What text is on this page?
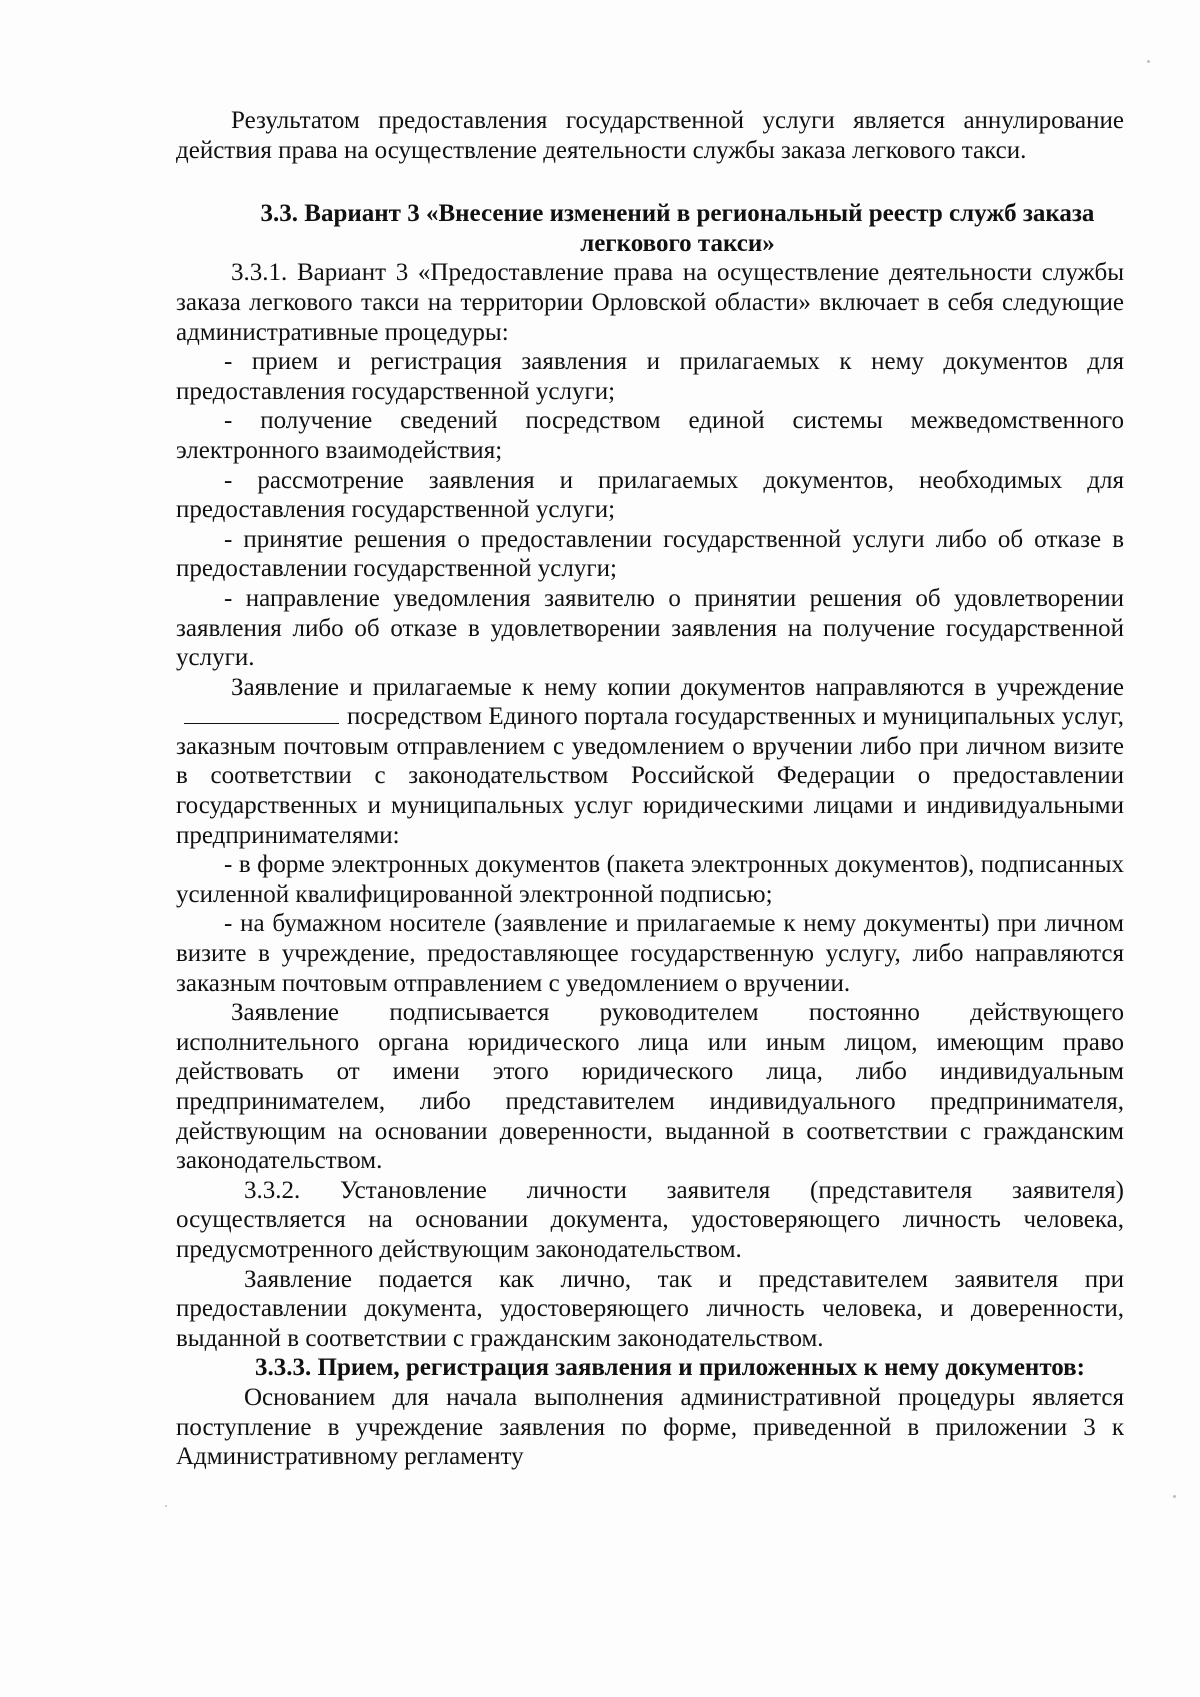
Результатом предоставления государственной услуги является аннулирование действия права на осуществление деятельности службы заказа легкового такси.

3.3. Вариант 3 «Внесение изменений в региональный реестр служб заказа легкового такси»

3.3.1. Вариант 3 «Предоставление права на осуществление деятельности службы заказа легкового такси на территории Орловской области» включает в себя следующие административные процедуры:

- прием и регистрация заявления и прилагаемых к нему документов для предоставления государственной услуги;

- получение сведений посредством единой системы межведомственного электронного взаимодействия;

- рассмотрение заявления и прилагаемых документов, необходимых для предоставления государственной услуги;

- принятие решения о предоставлении государственной услуги либо об отказе в предоставлении государственной услуги;

- направление уведомления заявителю о принятии решения об удовлетворении заявления либо об отказе в удовлетворении заявления на получение государственной услуги.

Заявление и прилагаемые к нему копии документов направляются в учреждениепосредством Единого портала государственных и муниципальных услуг, заказным почтовым отправлением с уведомлением о вручении либо при личном визите в соответствии с законодательством Российской Федерации о предоставлении государственных и муниципальных услуг юридическими лицами и индивидуальными предпринимателями:

- в форме электронных документов (пакета электронных документов), подписанных усиленной квалифицированной электронной подписью;

- на бумажном носителе (заявление и прилагаемые к нему документы) при личном визите в учреждение, предоставляющее государственную услугу, либо направляются заказным почтовым отправлением с уведомлением о вручении.

Заявление подписывается руководителем постоянно действующего исполнительного органа юридического лица или иным лицом, имеющим право действовать от имени этого юридического лица, либо индивидуальным предпринимателем, либо представителем индивидуального предпринимателя, действующим на основании доверенности, выданной в соответствии с гражданским законодательством.

3.3.2. Установление личности заявителя (представителя заявителя) осуществляется на основании документа, удостоверяющего личность человека, предусмотренного действующим законодательством.

Заявление подается как лично, так и представителем заявителя при предоставлении документа, удостоверяющего личность человека, и доверенности, выданной в соответствии с гражданским законодательством.

3.3.3. Прием, регистрация заявления и приложенных к нему документов:

Основанием для начала выполнения административной процедуры является поступление в учреждение заявления по форме, приведенной в приложении 3 к Административному регламенту
